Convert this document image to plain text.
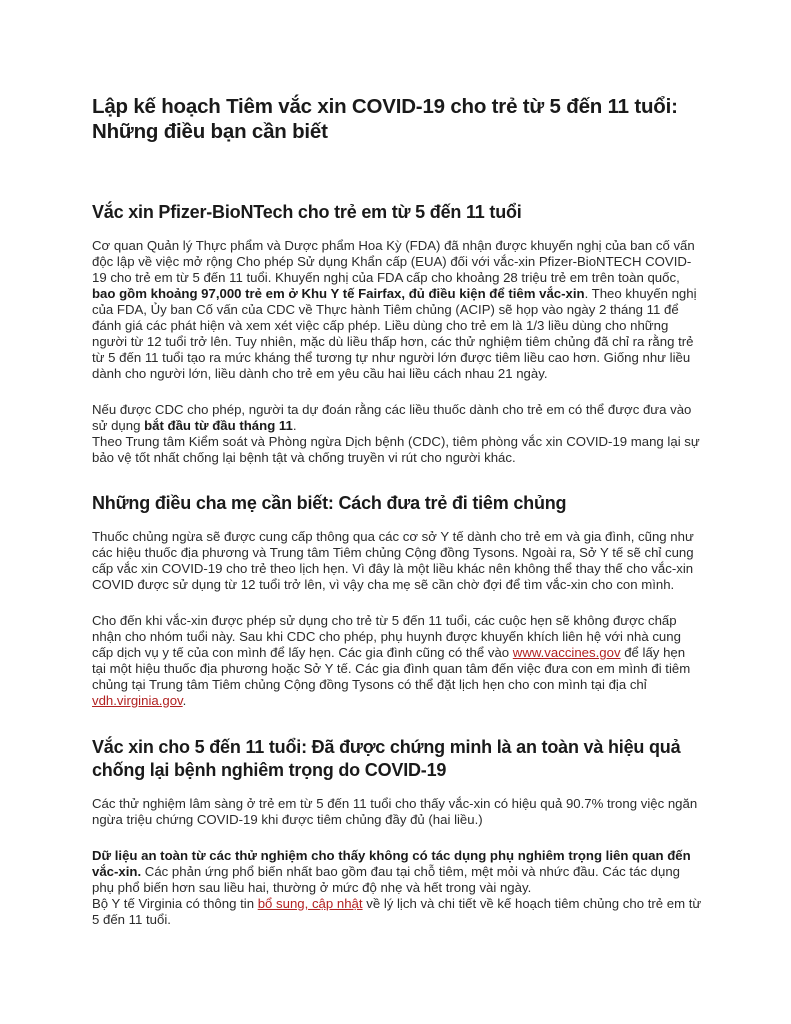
Lập kế hoạch Tiêm vắc xin COVID-19 cho trẻ từ 5 đến 11 tuổi: Những điều bạn cần biết
Vắc xin Pfizer-BioNTech cho trẻ em từ 5 đến 11 tuổi

Cơ quan Quản lý Thực phẩm và Dược phẩm Hoa Kỳ (FDA) đã nhận được khuyến nghị của ban cố vấn độc lập về việc mở rộng Cho phép Sử dụng Khẩn cấp (EUA) đối với vắc-xin Pfizer-BioNTECH COVID-19 cho trẻ em từ 5 đến 11 tuổi. Khuyến nghị của FDA cấp cho khoảng 28 triệu trẻ em trên toàn quốc, bao gồm khoảng 97,000 trẻ em ở Khu Y tế Fairfax, đủ điều kiện để tiêm vắc-xin. Theo khuyến nghị của FDA, Ủy ban Cố vấn của CDC về Thực hành Tiêm chủng (ACIP) sẽ họp vào ngày 2 tháng 11 để đánh giá các phát hiện và xem xét việc cấp phép. Liều dùng cho trẻ em là 1/3 liều dùng cho những người từ 12 tuổi trở lên. Tuy nhiên, mặc dù liều thấp hơn, các thử nghiệm tiêm chủng đã chỉ ra rằng trẻ từ 5 đến 11 tuổi tạo ra mức kháng thể tương tự như người lớn được tiêm liều cao hơn. Giống như liều dành cho người lớn, liều dành cho trẻ em yêu cầu hai liều cách nhau 21 ngày.

Nếu được CDC cho phép, người ta dự đoán rằng các liều thuốc dành cho trẻ em có thể được đưa vào sử dụng bắt đầu từ đầu tháng 11.

Theo Trung tâm Kiểm soát và Phòng ngừa Dịch bệnh (CDC), tiêm phòng vắc xin COVID-19 mang lại sự bảo vệ tốt nhất chống lại bệnh tật và chống truyền vi rút cho người khác.

Những điều cha mẹ cần biết: Cách đưa trẻ đi tiêm chủng

Thuốc chủng ngừa sẽ được cung cấp thông qua các cơ sở Y tế dành cho trẻ em và gia đình, cũng như các hiệu thuốc địa phương và Trung tâm Tiêm chủng Cộng đồng Tysons. Ngoài ra, Sở Y tế sẽ chỉ cung cấp vắc xin COVID-19 cho trẻ theo lịch hẹn. Vì đây là một liều khác nên không thể thay thế cho vắc-xin COVID được sử dụng từ 12 tuổi trở lên, vì vậy cha mẹ sẽ cần chờ đợi để tìm vắc-xin cho con mình.

Cho đến khi vắc-xin được phép sử dụng cho trẻ từ 5 đến 11 tuổi, các cuộc hẹn sẽ không được chấp nhận cho nhóm tuổi này. Sau khi CDC cho phép, phụ huynh được khuyến khích liên hệ với nhà cung cấp dịch vụ y tế của con mình để lấy hẹn. Các gia đình cũng có thể vào www.vaccines.gov để lấy hẹn tại một hiệu thuốc địa phương hoặc Sở Y tế. Các gia đình quan tâm đến việc đưa con em mình đi tiêm chủng tại Trung tâm Tiêm chủng Cộng đồng Tysons có thể đặt lịch hẹn cho con mình tại địa chỉ vdh.virginia.gov.

Vắc xin cho 5 đến 11 tuổi: Đã được chứng minh là an toàn và hiệu quả chống lại bệnh nghiêm trọng do COVID-19

Các thử nghiệm lâm sàng ở trẻ em từ 5 đến 11 tuổi cho thấy vắc-xin có hiệu quả 90.7% trong việc ngăn ngừa triệu chứng COVID-19 khi được tiêm chủng đầy đủ (hai liều.)

Dữ liệu an toàn từ các thử nghiệm cho thấy không có tác dụng phụ nghiêm trọng liên quan đến vắc-xin. Các phản ứng phổ biến nhất bao gồm đau tại chỗ tiêm, mệt mỏi và nhức đầu. Các tác dụng phụ phổ biến hơn sau liều hai, thường ở mức độ nhẹ và hết trong vài ngày.

Bộ Y tế Virginia có thông tin bổ sung, cập nhật về lý lịch và chi tiết về kế hoạch tiêm chủng cho trẻ em từ 5 đến 11 tuổi.
